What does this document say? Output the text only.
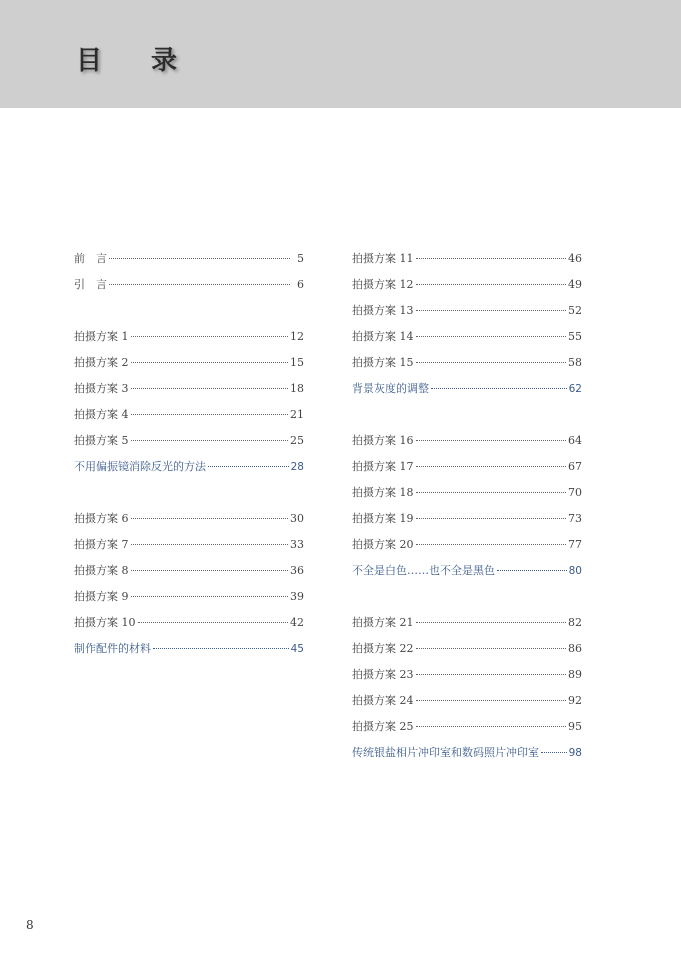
目 录
前　言	5
引　言	6
拍摄方案 1	12
拍摄方案 2	15
拍摄方案 3	18
拍摄方案 4	21
拍摄方案 5	25
不用偏振镜消除反光的方法	28
拍摄方案 6	30
拍摄方案 7	33
拍摄方案 8	36
拍摄方案 9	39
拍摄方案 10	42
制作配件的材料	45
拍摄方案 11	46
拍摄方案 12	49
拍摄方案 13	52
拍摄方案 14	55
拍摄方案 15	58
背景灰度的调整	62
拍摄方案 16	64
拍摄方案 17	67
拍摄方案 18	70
拍摄方案 19	73
拍摄方案 20	77
不全是白色……也不全是黑色	80
拍摄方案 21	82
拍摄方案 22	86
拍摄方案 23	89
拍摄方案 24	92
拍摄方案 25	95
传统银盐相片冲印室和数码照片冲印室	98
8
